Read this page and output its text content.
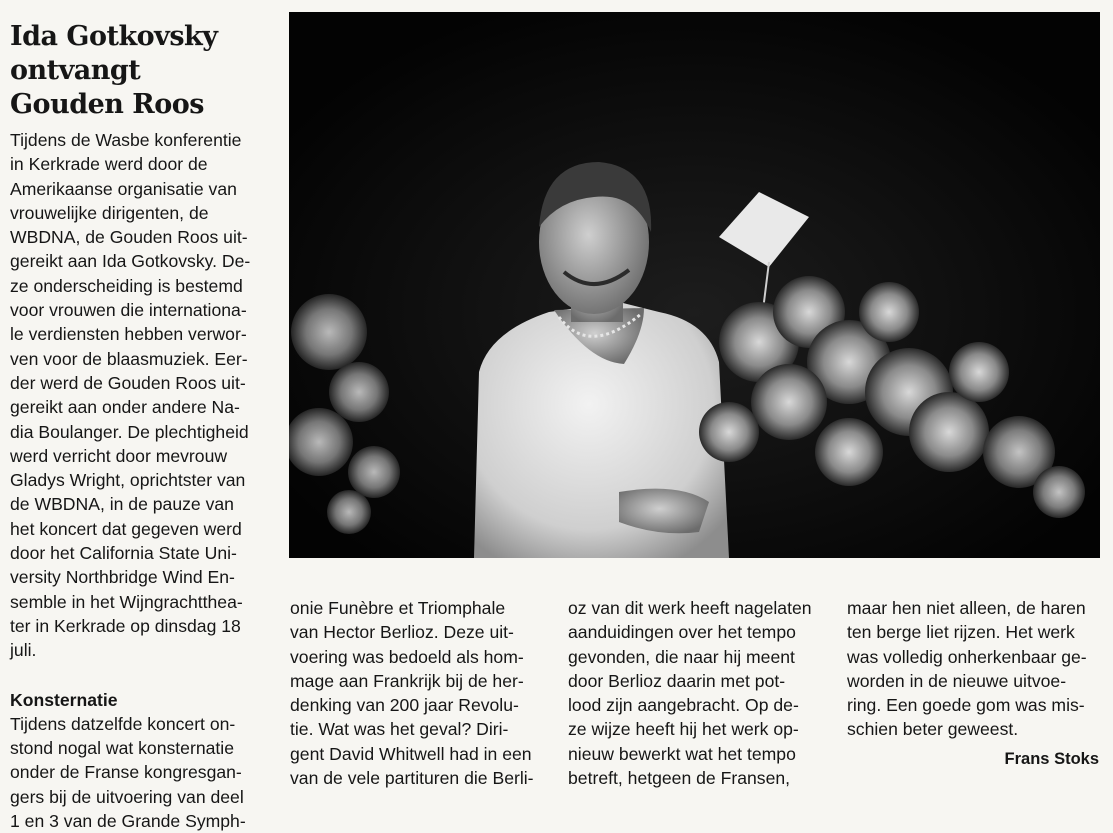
Ida Gotkovsky
ontvangt
Gouden Roos

Tijdens de Wasbe konferentie

in Kerkrade werd door de

Amerikaanse organisatie van

vrouwelijke dirigenten, de

WBDNA, de Gouden Roos uit-

gereikt aan Ida Gotkovsky. De-

ze onderscheiding is bestemd

voor vrouwen die internationa-

le verdiensten hebben verwor-

ven voor de blaasmuziek. Eer-

der werd de Gouden Roos uit-

gereikt aan onder andere Na-

dia Boulanger. De plechtigheid

werd verricht door mevrouw

Gladys Wright, oprichtster van

de WBDNA, in de pauze van

het koncert dat gegeven werd

door het California State Uni-

versity Northbridge Wind En-

semble in het Wijngrachttheа-

ter in Kerkrade op dinsdag 18

juli.

Konsternatie

Tijdens datzelfde koncert on-

stond nogal wat konsternatie

onder de Franse kongresgan-

gers bij de uitvoering van deel

1 en 3 van de Grande Symph-

onie Funèbre et Triomphale

van Hector Berlioz. Deze uit-

voering was bedoeld als hom-

mage aan Frankrijk bij de her-

denking van 200 jaar Revolu-

tie. Wat was het geval? Diri-

gent David Whitwell had in een

van de vele partituren die Berli-

oz van dit werk heeft nagelaten

aanduidingen over het tempo

gevonden, die naar hij meent

door Berlioz daarin met pot-

lood zijn aangebracht. Op de-

ze wijze heeft hij het werk op-

nieuw bewerkt wat het tempo

betreft, hetgeen de Fransen,

maar hen niet alleen, de haren

ten berge liet rijzen. Het werk

was volledig onherkenbaar ge-

worden in de nieuwe uitvoe-

ring. Een goede gom was mis-

schien beter geweest.

Frans Stoks
